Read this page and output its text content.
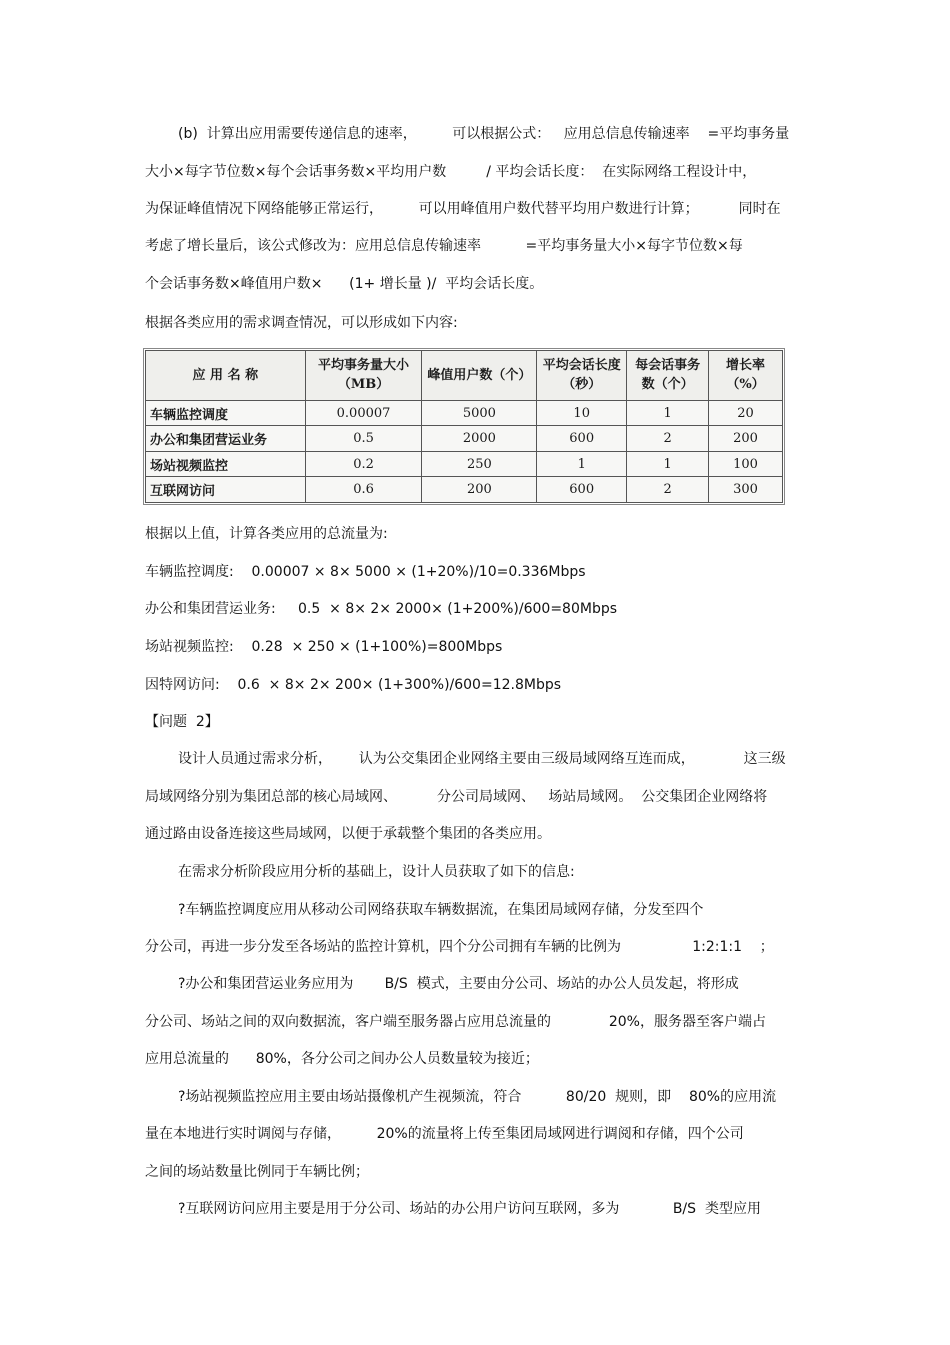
(b)  计算出应用需要传递信息的速率，        可以根据公式：   应用总信息传输速率    =平均事务量
大小×每字节位数×每个会话事务数×平均用户数         / 平均会话长度：  在实际网络工程设计中，
为保证峰值情况下网络能够正常运行，        可以用峰值用户数代替平均用户数进行计算；         同时在
考虑了增长量后，该公式修改为：应用总信息传输速率          =平均事务量大小×每字节位数×每
个会话事务数×峰值用户数×      (1+ 增长量 )/  平均会话长度。
根据各类应用的需求调查情况，可以形成如下内容:
应 用 名 称	平均事务量大小（MB）	峰值用户数（个）	平均会话长度（秒）	每会话事务数（个）	增长率（%）
车辆监控调度	0.00007	5000	10	1	20
办公和集团营运业务	0.5	2000	600	2	200
场站视频监控	0.2	250	1	1	100
互联网访问	0.6	200	600	2	300
根据以上值，计算各类应用的总流量为:
车辆监控调度:    0.00007 × 8× 5000 × (1+20%)/10=0.336Mbps
办公和集团营运业务:     0.5  × 8× 2× 2000× (1+200%)/600=80Mbps
场站视频监控:    0.28  × 250 × (1+100%)=800Mbps
因特网访问:    0.6  × 8× 2× 200× (1+300%)/600=12.8Mbps
【问题  2】
设计人员通过需求分析，      认为公交集团企业网络主要由三级局域网络互连而成，           这三级
局域网络分别为集团总部的核心局域网、         分公司局域网、   场站局域网。  公交集团企业网络将
通过路由设备连接这些局域网，以便于承载整个集团的各类应用。
在需求分析阶段应用分析的基础上，设计人员获取了如下的信息:
?车辆监控调度应用从移动公司网络获取车辆数据流，在集团局域网存储，分发至四个
分公司，再进一步分发至各场站的监控计算机，四个分公司拥有车辆的比例为                1:2:1:1    ；
?办公和集团营运业务应用为       B/S  模式，主要由分公司、场站的办公人员发起，将形成
分公司、场站之间的双向数据流，客户端至服务器占应用总流量的             20%，服务器至客户端占
应用总流量的      80%，各分公司之间办公人员数量较为接近；
?场站视频监控应用主要由场站摄像机产生视频流，符合          80/20  规则，即    80%的应用流
量在本地进行实时调阅与存储，        20%的流量将上传至集团局域网进行调阅和存储，四个公司
之间的场站数量比例同于车辆比例；
?互联网访问应用主要是用于分公司、场站的办公用户访问互联网，多为            B/S  类型应用
